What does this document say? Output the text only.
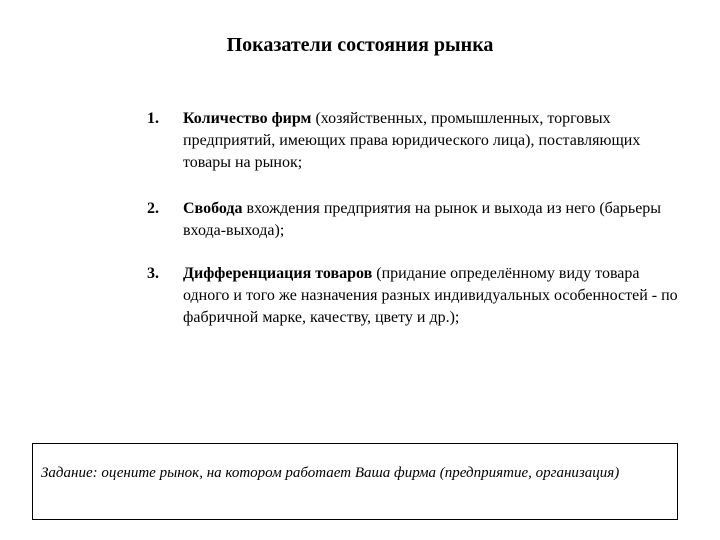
Показатели состояния рынка
1. Количество фирм (хозяйственных, промышленных, торговых предприятий, имеющих права юридического лица), поставляющих товары на рынок;
2. Свобода вхождения предприятия на рынок и выхода из него (барьеры входа-выхода);
3. Дифференциация товаров (придание определённому виду товара одного и того же назначения разных индивидуальных особенностей - по фабричной марке, качеству, цвету и др.);
Задание: оцените рынок, на котором работает Ваша фирма (предприятие, организация)
